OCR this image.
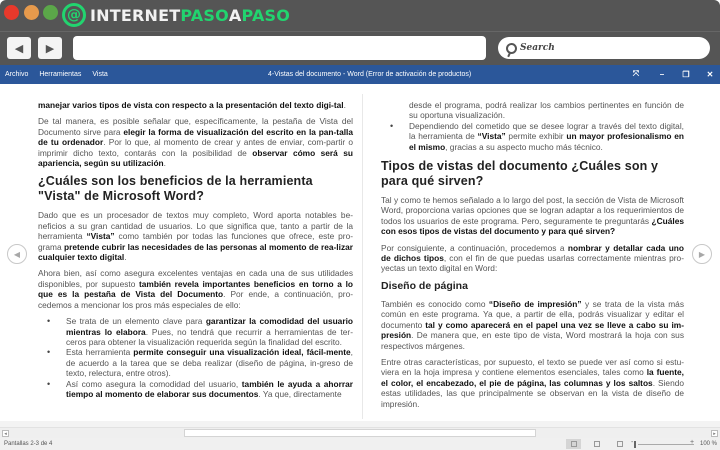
@ INTERNET PASO A PASO
◀ ▶	Search
Archivo Herramientas Vista	4-Vistas del documento - Word (Error de activación de productos)	⤧	–	❐	✕
◀	▶

manejar varios tipos de vista con respecto a la presentación del texto digi-tal.

De tal manera, es posible señalar que, específicamente, la pestaña de Vista del Documento sirve para elegir la forma de visualización del escrito en la pan-talla de tu ordenador. Por lo que, al momento de crear y antes de enviar, com-partir o imprimir dicho texto, contarás con la posibilidad de observar cómo será su apariencia, según su utilización.

¿Cuáles son los beneficios de la herramienta "Vista" de Microsoft Word?

Dado que es un procesador de textos muy completo, Word aporta notables be-neficios a su gran cantidad de usuarios. Lo que significa que, tanto a partir de la herramienta “Vista” como también por todas las funciones que ofrece, este pro-grama pretende cubrir las necesidades de las personas al momento de rea-lizar cualquier texto digital.

Ahora bien, así como asegura excelentes ventajas en cada una de sus utilidades disponibles, por supuesto también revela importantes beneficios en torno a lo que es la pestaña de Vista del Documento. Por ende, a continuación, pro-cedemos a mencionar los pros más especiales de ello:

• Se trata de un elemento clave para garantizar la comodidad del usuario mientras lo elabora. Pues, no tendrá que recurrir a herramientas de ter-ceros para obtener la visualización requerida según la finalidad del escrito.
• Esta herramienta permite conseguir una visualización ideal, fácil-mente, de acuerdo a la tarea que se deba realizar (diseño de página, in-greso de texto, relectura, entre otros).
• Así como asegura la comodidad del usuario, también le ayuda a ahorrar tiempo al momento de elaborar sus documentos. Ya que, directamente
desde el programa, podrá realizar los cambios pertinentes en función de su oportuna visualización.
• Dependiendo del cometido que se desee lograr a través del texto digital, la herramienta de “Vista” permite exhibir un mayor profesionalismo en el mismo, gracias a su aspecto mucho más técnico.
Tipos de vistas del documento ¿Cuáles son y para qué sirven?

Tal y como te hemos señalado a lo largo del post, la sección de Vista de Microsoft Word, proporciona varias opciones que se logran adaptar a los requerimientos de todos los usuarios de este programa. Pero, seguramente te preguntarás ¿Cuáles con esos tipos de vistas del documento y para qué sirven?

Por consiguiente, a continuación, procedemos a nombrar y detallar cada uno de dichos tipos, con el fin de que puedas usarlas correctamente mientras pro-yectas un texto digital en Word:

Diseño de página

También es conocido como “Diseño de impresión” y se trata de la vista más común en este programa. Ya que, a partir de ella, podrás visualizar y editar el documento tal y como aparecerá en el papel una vez se lleve a cabo su im-presión. De manera que, en este tipo de vista, Word mostrará la hoja con sus respectivos márgenes.

Entre otras características, por supuesto, el texto se puede ver así como si estu-viera en la hoja impresa y contiene elementos esenciales, tales como la fuente, el color, el encabezado, el pie de página, las columnas y los saltos. Siendo estas utilidades, las que principalmente se observan en la vista de diseño de impresión.

◂	▸
Pantallas 2-3 de 4	-	+ 100 %
